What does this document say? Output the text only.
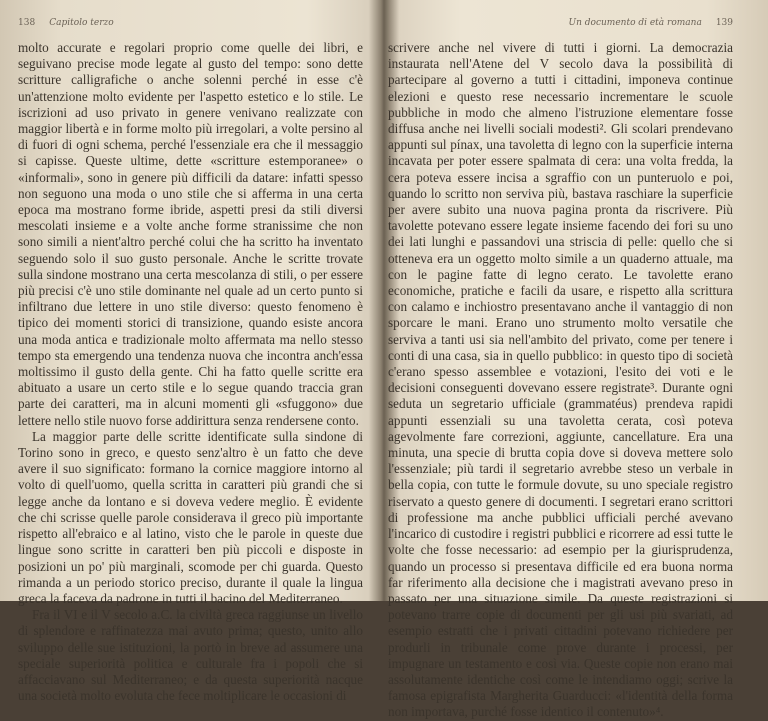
138 Capitolo terzo

molto accurate e regolari proprio come quelle dei libri, e seguivano precise mode legate al gusto del tempo: sono dette scritture calligrafiche o anche solenni perché in esse c'è un'attenzione molto evidente per l'aspetto estetico e lo stile. Le iscrizioni ad uso privato in genere venivano realizzate con maggior libertà e in forme molto più irregolari, a volte persino al di fuori di ogni schema, perché l'essenziale era che il messaggio si capisse. Queste ultime, dette «scritture estemporanee» o «informali», sono in genere più difficili da datare: infatti spesso non seguono una moda o uno stile che si afferma in una certa epoca ma mostrano forme ibride, aspetti presi da stili diversi mescolati insieme e a volte anche forme stranissime che non sono simili a nient'altro perché colui che ha scritto ha inventato seguendo solo il suo gusto personale. Anche le scritte trovate sulla sindone mostrano una certa mescolanza di stili, o per essere più precisi c'è uno stile dominante nel quale ad un certo punto si infiltrano due lettere in uno stile diverso: questo fenomeno è tipico dei momenti storici di transizione, quando esiste ancora una moda antica e tradizionale molto affermata ma nello stesso tempo sta emergendo una tendenza nuova che incontra anch'essa moltissimo il gusto della gente. Chi ha fatto quelle scritte era abituato a usare un certo stile e lo segue quando traccia gran parte dei caratteri, ma in alcuni momenti gli «sfuggono» due lettere nello stile nuovo forse addirittura senza rendersene conto.

La maggior parte delle scritte identificate sulla sindone di Torino sono in greco, e questo senz'altro è un fatto che deve avere il suo significato: formano la cornice maggiore intorno al volto di quell'uomo, quella scritta in caratteri più grandi che si legge anche da lontano e si doveva vedere meglio. È evidente che chi scrisse quelle parole considerava il greco più importante rispetto all'ebraico e al latino, visto che le parole in queste due lingue sono scritte in caratteri ben più piccoli e disposte in posizioni un po' più marginali, scomode per chi guarda. Questo rimanda a un periodo storico preciso, durante il quale la lingua greca la faceva da padrone in tutti il bacino del Mediterraneo.

Fra il VI e il V secolo a.C. la civiltà greca raggiunse un livello di splendore e raffinatezza mai avuto prima; questo, unito allo sviluppo delle sue istituzioni, la portò in breve ad assumere una speciale superiorità politica e culturale fra i popoli che si affacciavano sul Mediterraneo; e da questa superiorità nacque una società molto evoluta che fece moltiplicare le occasioni di

Un documento di età romana 139

scrivere anche nel vivere di tutti i giorni. La democrazia instaurata nell'Atene del V secolo dava la possibilità di partecipare al governo a tutti i cittadini, imponeva continue elezioni e questo rese necessario incrementare le scuole pubbliche in modo che almeno l'istruzione elementare fosse diffusa anche nei livelli sociali modesti². Gli scolari prendevano appunti sul pínax, una tavoletta di legno con la superficie interna incavata per poter essere spalmata di cera: una volta fredda, la cera poteva essere incisa a sgraffio con un punteruolo e poi, quando lo scritto non serviva più, bastava raschiare la superficie per avere subito una nuova pagina pronta da riscrivere. Più tavolette potevano essere legate insieme facendo dei fori su uno dei lati lunghi e passandovi una striscia di pelle: quello che si otteneva era un oggetto molto simile a un quaderno attuale, ma con le pagine fatte di legno cerato. Le tavolette erano economiche, pratiche e facili da usare, e rispetto alla scrittura con calamo e inchiostro presentavano anche il vantaggio di non sporcare le mani. Erano uno strumento molto versatile che serviva a tanti usi sia nell'ambito del privato, come per tenere i conti di una casa, sia in quello pubblico: in questo tipo di società c'erano spesso assemblee e votazioni, l'esito dei voti e le decisioni conseguenti dovevano essere registrate³. Durante ogni seduta un segretario ufficiale (grammatéus) prendeva rapidi appunti essenziali su una tavoletta cerata, così poteva agevolmente fare correzioni, aggiunte, cancellature. Era una minuta, una specie di brutta copia dove si doveva mettere solo l'essenziale; più tardi il segretario avrebbe steso un verbale in bella copia, con tutte le formule dovute, su uno speciale registro riservato a questo genere di documenti. I segretari erano scrittori di professione ma anche pubblici ufficiali perché avevano l'incarico di custodire i registri pubblici e ricorrere ad essi tutte le volte che fosse necessario: ad esempio per la giurisprudenza, quando un processo si presentava difficile ed era buona norma far riferimento alla decisione che i magistrati avevano preso in passato per una situazione simile. Da queste registrazioni si potevano trarre copie di documenti per gli usi più svariati, ad esempio estratti che i privati cittadini potevano richiedere per produrli in tribunale come prove durante i processi, per impugnare un testamento e così via. Queste copie non erano mai assolutamente identiche così come le intendiamo oggi; scrive la famosa epigrafista Margherita Guarducci: «l'identità della forma non importava, purché fosse identico il contenuto»⁴.
